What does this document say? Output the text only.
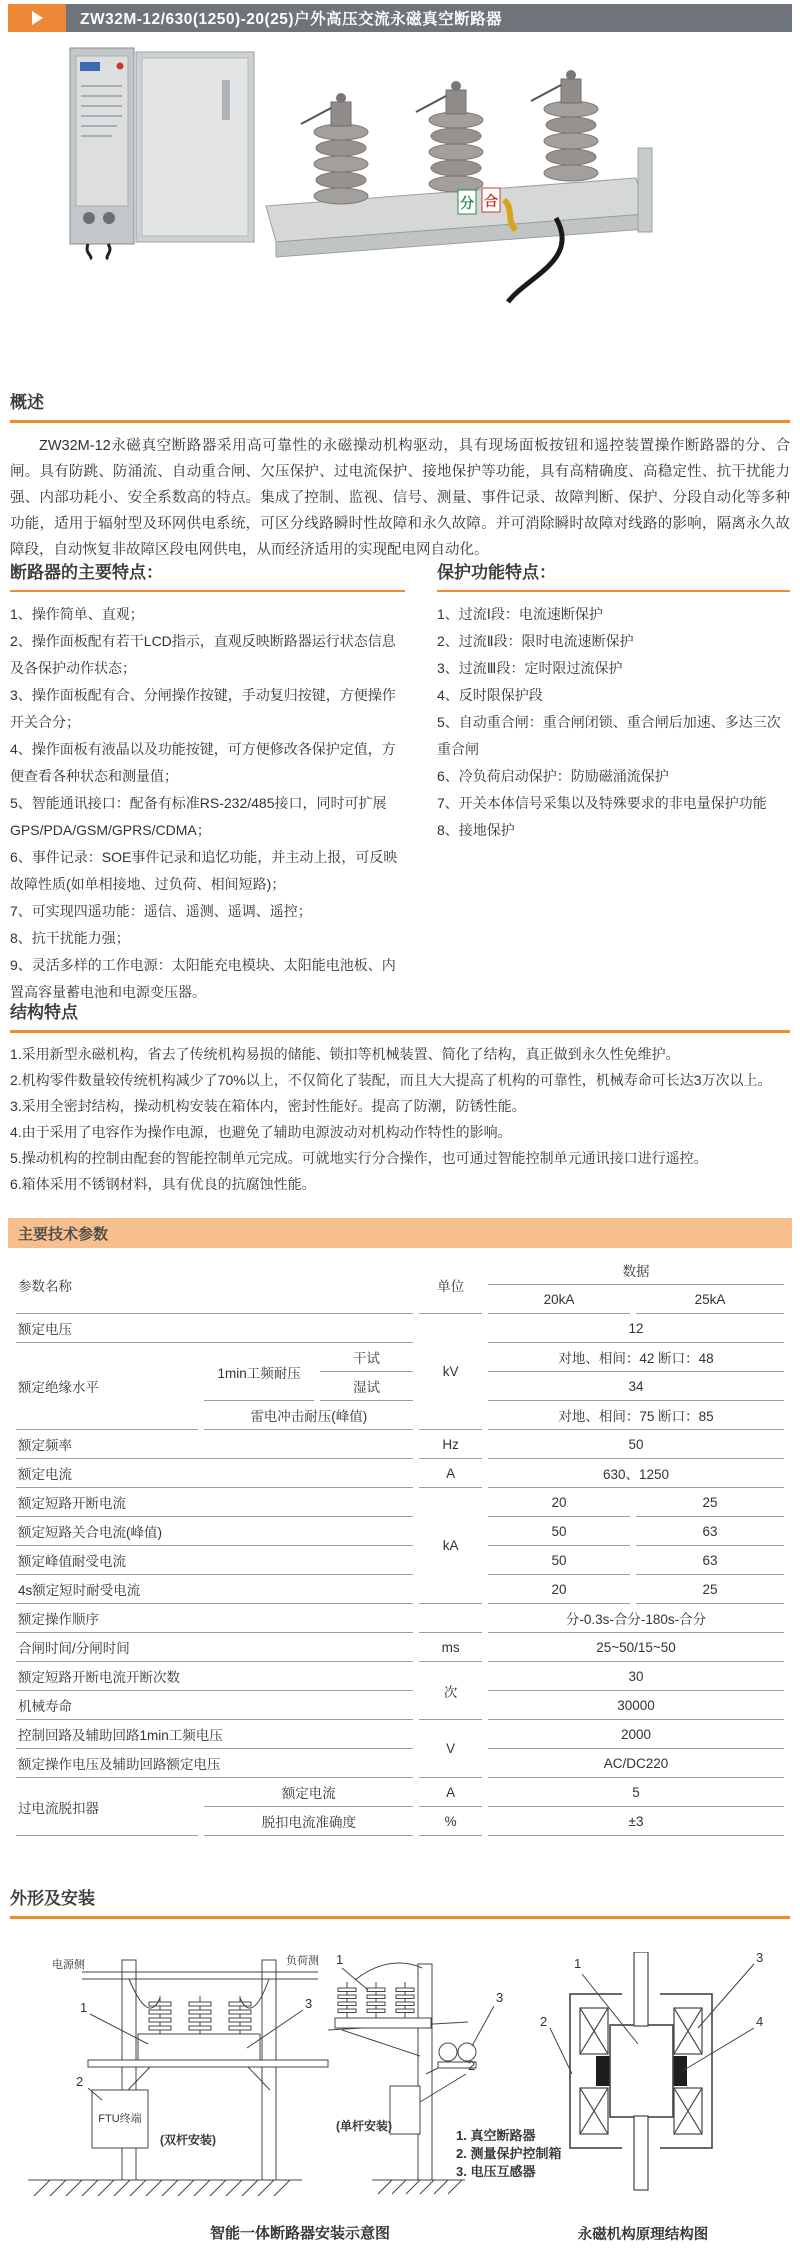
ZW32M-12/630(1250)-20(25)户外高压交流永磁真空断路器
分 合
概述

ZW32M-12永磁真空断路器采用高可靠性的永磁操动机构驱动，具有现场面板按钮和遥控装置操作断路器的分、合闸。具有防跳、防涌流、自动重合闸、欠压保护、过电流保护、接地保护等功能，具有高精确度、高稳定性、抗干扰能力强、内部功耗小、安全系数高的特点。集成了控制、监视、信号、测量、事件记录、故障判断、保护、分段自动化等多种功能，适用于辐射型及环网供电系统，可区分线路瞬时性故障和永久故障。并可消除瞬时故障对线路的影响，隔离永久故障段，自动恢复非故障区段电网供电，从而经济适用的实现配电网自动化。

断路器的主要特点：
1、操作简单、直观；
2、操作面板配有若干LCD指示，直观反映断路器运行状态信息及各保护动作状态；
3、操作面板配有合、分闸操作按键，手动复归按键，方便操作开关合分；
4、操作面板有液晶以及功能按键，可方便修改各保护定值，方便查看各种状态和测量值；
5、智能通讯接口：配备有标准RS-232/485接口，同时可扩展GPS/PDA/GSM/GPRS/CDMA；
6、事件记录：SOE事件记录和追忆功能，并主动上报，可反映故障性质(如单相接地、过负荷、相间短路)；
7、可实现四遥功能：遥信、遥测、遥调、遥控；
8、抗干扰能力强；
9、灵活多样的工作电源：太阳能充电模块、太阳能电池板、内置高容量蓄电池和电源变压器。
保护功能特点：
1、过流Ⅰ段：电流速断保护
2、过流Ⅱ段：限时电流速断保护
3、过流Ⅲ段：定时限过流保护
4、反时限保护段
5、自动重合闸：重合闸闭锁、重合闸后加速、多达三次重合闸
6、冷负荷启动保护：防励磁涌流保护
7、开关本体信号采集以及特殊要求的非电量保护功能
8、接地保护
结构特点
1.采用新型永磁机构，省去了传统机构易损的储能、锁扣等机械装置、简化了结构，真正做到永久性免维护。
2.机构零件数量较传统机构减少了70%以上，不仅简化了装配，而且大大提高了机构的可靠性，机械寿命可长达3万次以上。
3.采用全密封结构，操动机构安装在箱体内，密封性能好。提高了防潮，防锈性能。
4.由于采用了电容作为操作电源，也避免了辅助电源波动对机构动作特性的影响。
5.操动机构的控制由配套的智能控制单元完成。可就地实行分合操作，也可通过智能控制单元通讯接口进行遥控。
6.箱体采用不锈钢材料，具有优良的抗腐蚀性能。
主要技术参数
参数名称			单位	数据	
				20kA	25kA
额定电压			kV	12	
额定绝缘水平	1min工频耐压	干试		对地、相间：42 断口：48	
		湿试		34	
	雷电冲击耐压(峰值)			对地、相间：75 断口：85	
额定频率			Hz	50	
额定电流			A	630、1250	
额定短路开断电流			kA	20	25
额定短路关合电流(峰值)				50	63
额定峰值耐受电流				50	63
4s额定短时耐受电流				20	25
额定操作顺序				分-0.3s-合分-180s-合分	
合闸时间/分闸时间			ms	25~50/15~50	
额定短路开断电流开断次数			次	30	
机械寿命				30000	
控制回路及辅助回路1min工频电压			V	2000	
额定操作电压及辅助回路额定电压				AC/DC220	
过电流脱扣器	额定电流		A	5	
	脱扣电流准确度		%	±3	
外形及安装
电源侧
FTU终端
1
2
3
(双杆安装)
负荷测 1
3
2
(单杆安装)
1. 真空断路器
2. 测量保护控制箱
3. 电压互感器
1
2
3
4
智能一体断路器安装示意图	永磁机构原理结构图
